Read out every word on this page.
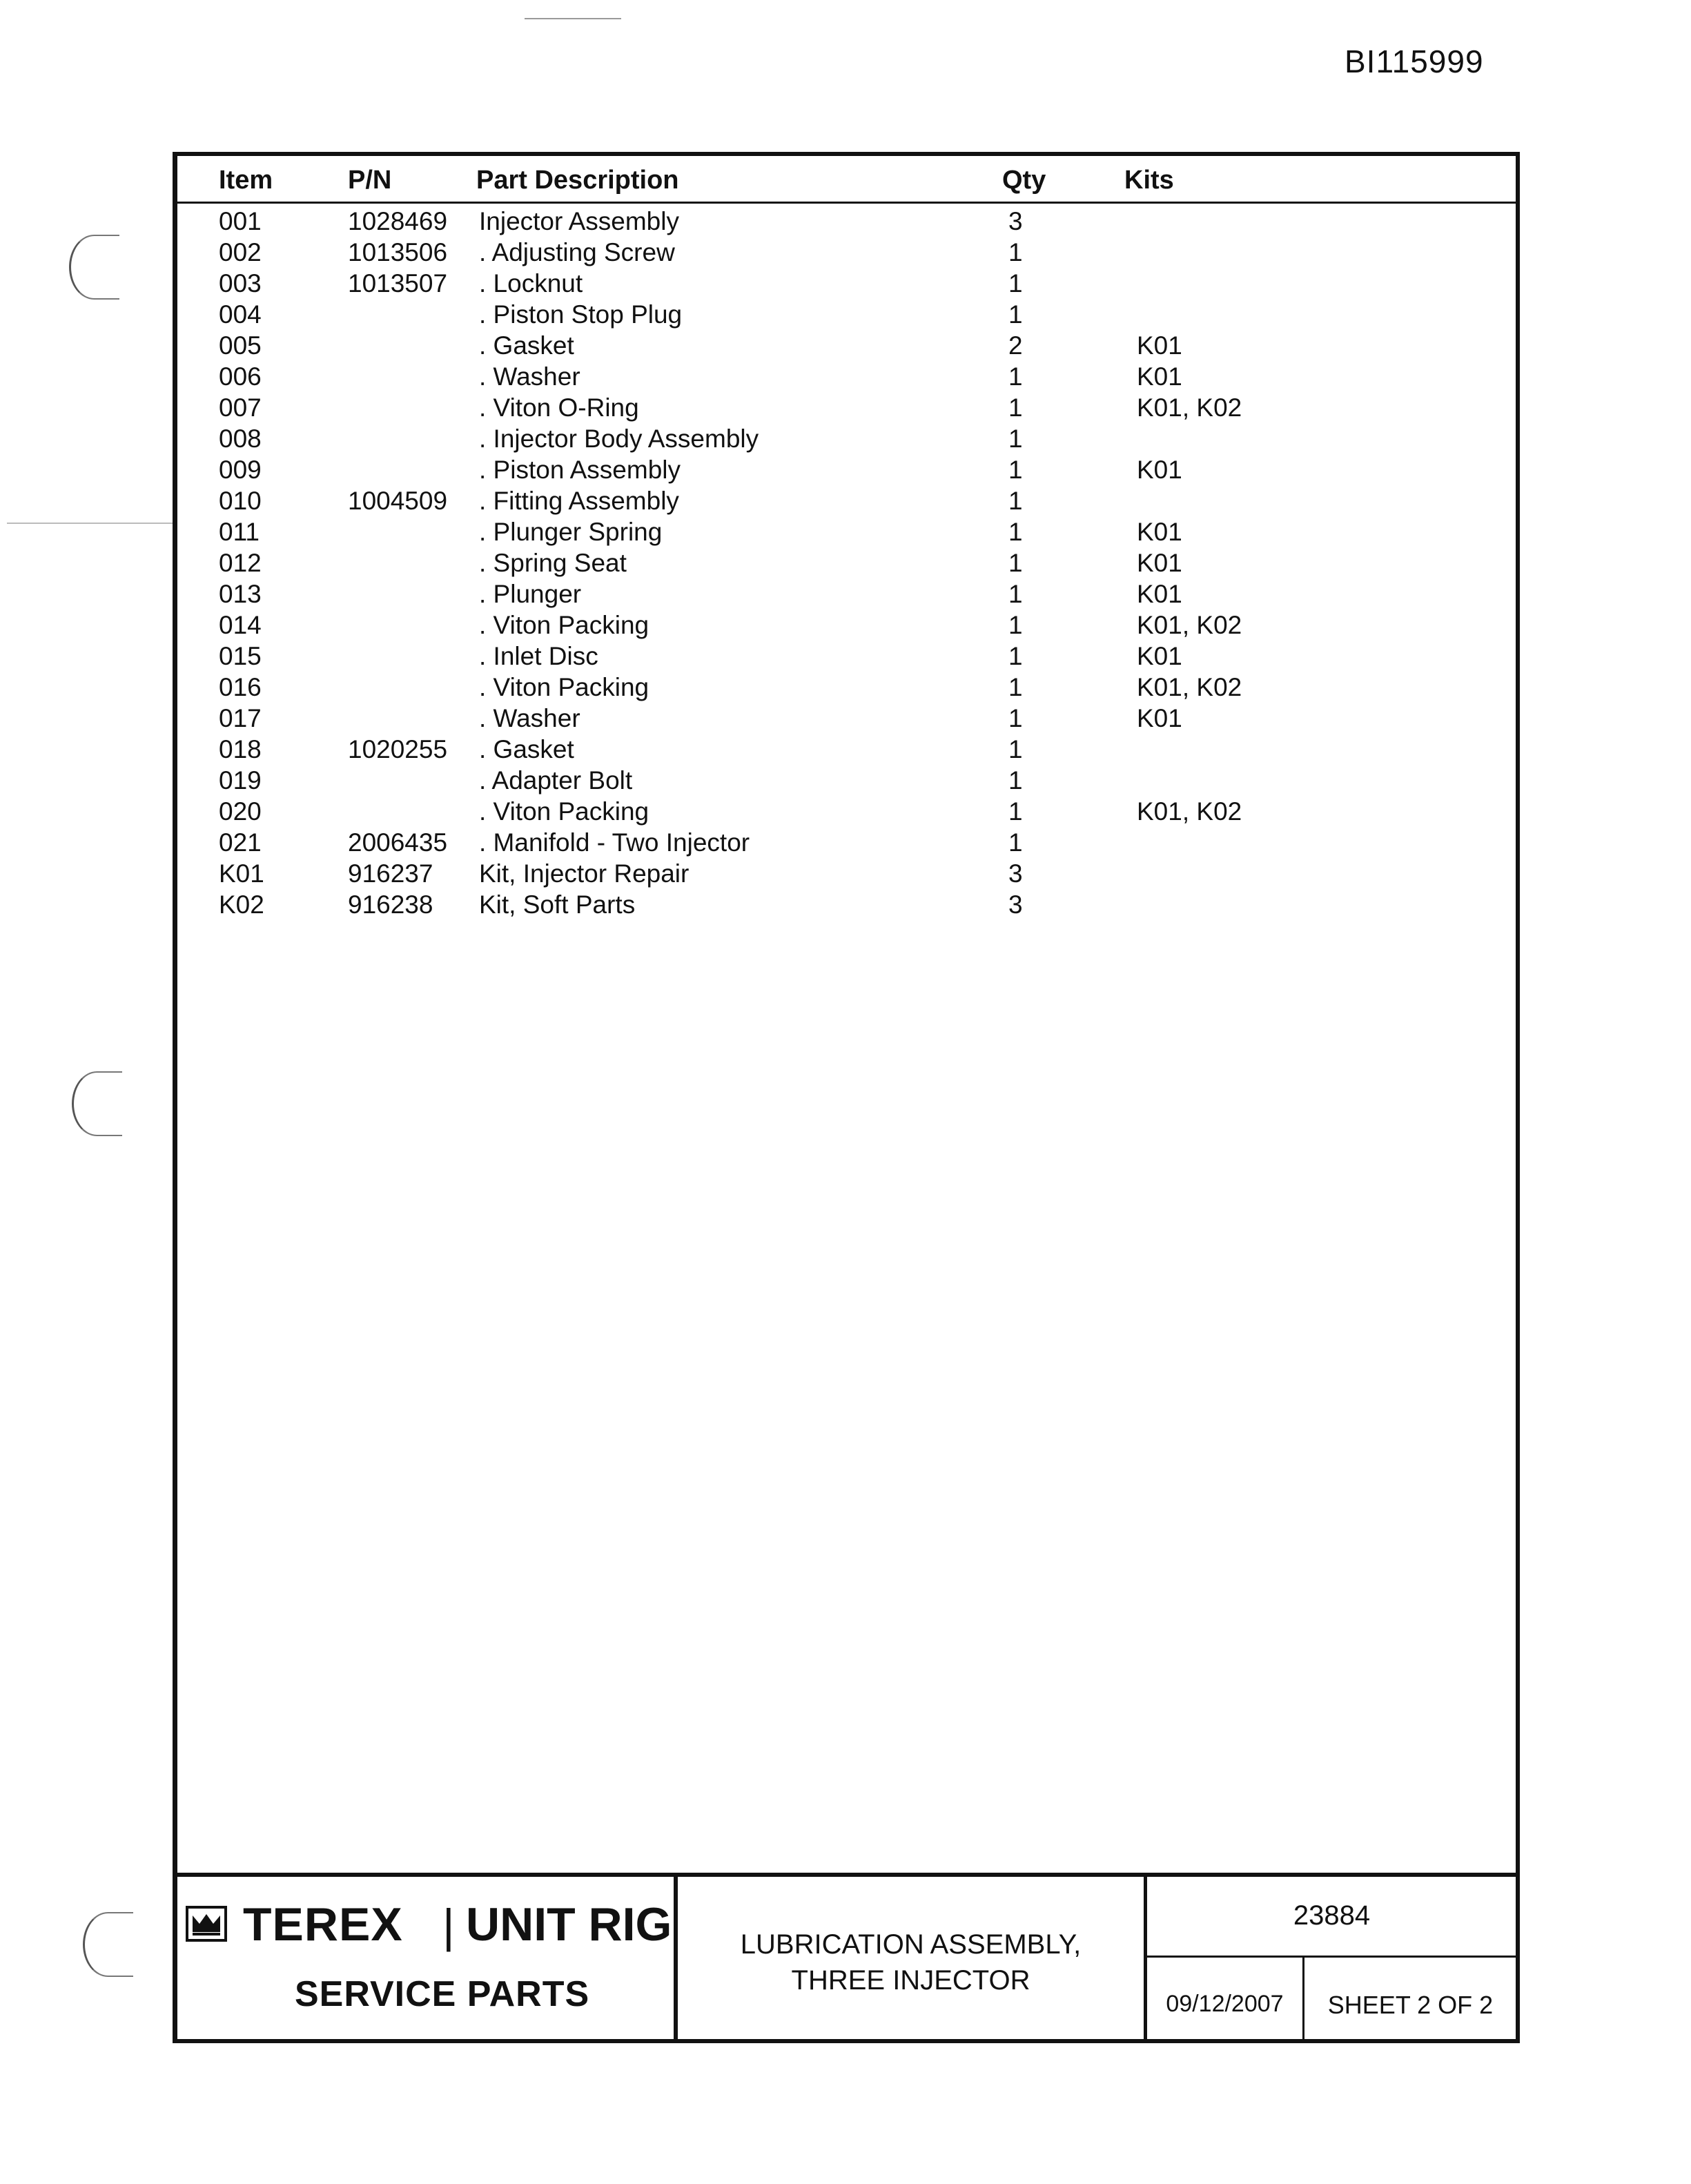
BI115999
Item	P/N	Part Description	Qty	Kits
001	1028469 Injector Assembly	3
002	1013506 . Adjusting Screw	1
003	1013507 . Locknut	1
004	. Piston Stop Plug	1
005	. Gasket	2	K01
006	. Washer	1	K01
007	. Viton O-Ring	1	K01, K02
008	. Injector Body Assembly	1
009	. Piston Assembly	1	K01
010	1004509 . Fitting Assembly	1
011	. Plunger Spring	1	K01
012	. Spring Seat	1	K01
013	. Plunger	1	K01
014	. Viton Packing	1	K01, K02
015	. Inlet Disc	1	K01
016	. Viton Packing	1	K01, K02
017	. Washer	1	K01
018	1020255 . Gasket	1
019	. Adapter Bolt	1
020	. Viton Packing	1	K01, K02
021	2006435 . Manifold - Two Injector	1
K01	916237 Kit, Injector Repair	3
K02	916238 Kit, Soft Parts	3
TEREX | UNIT RIG
SERVICE PARTS
LUBRICATION ASSEMBLY,
THREE INJECTOR
23884
09/12/2007	SHEET 2 OF 2
